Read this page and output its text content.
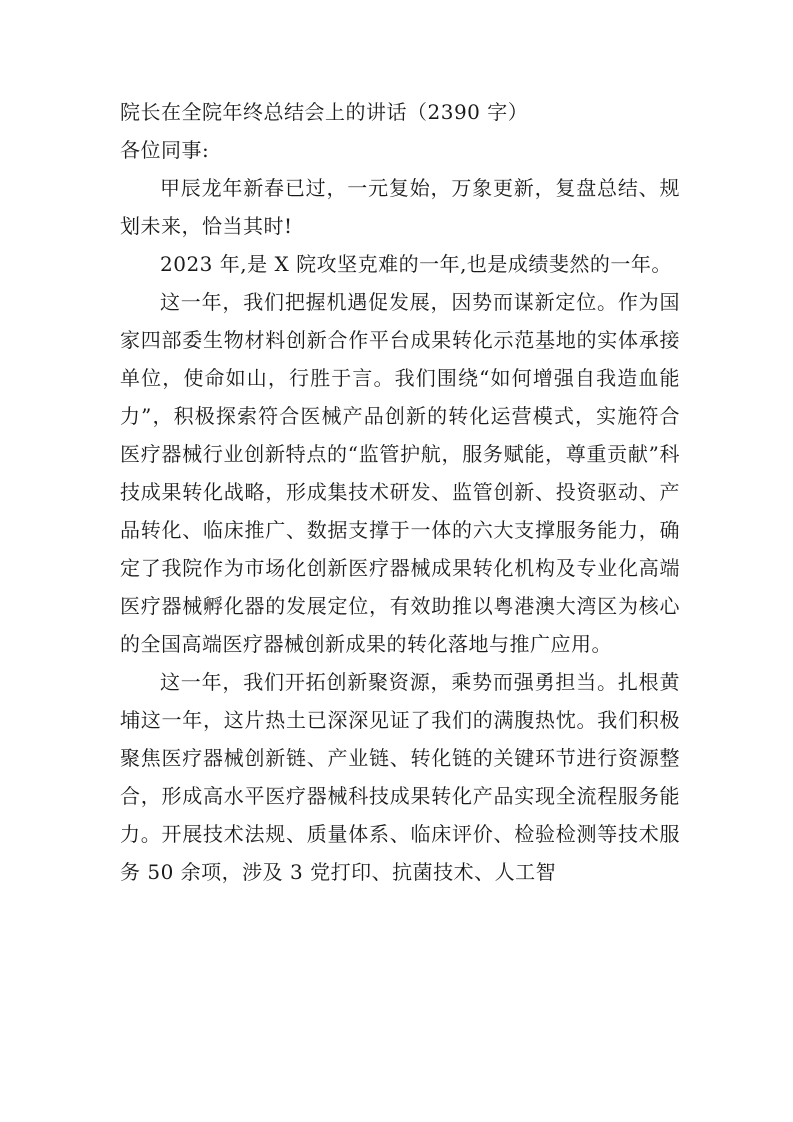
院长在全院年终总结会上的讲话（2390 字）

各位同事:

甲辰龙年新春已过，一元复始，万象更新，复盘总结、规划未来，恰当其时!

2023 年,是 X 院攻坚克难的一年,也是成绩斐然的一年。

这一年，我们把握机遇促发展，因势而谋新定位。作为国家四部委生物材料创新合作平台成果转化示范基地的实体承接单位，使命如山，行胜于言。我们围绕“如何增强自我造血能力”，积极探索符合医械产品创新的转化运营模式，实施符合医疗器械行业创新特点的“监管护航，服务赋能，尊重贡献”科技成果转化战略，形成集技术研发、监管创新、投资驱动、产品转化、临床推广、数据支撑于一体的六大支撑服务能力，确定了我院作为市场化创新医疗器械成果转化机构及专业化高端医疗器械孵化器的发展定位，有效助推以粤港澳大湾区为核心的全国高端医疗器械创新成果的转化落地与推广应用。

这一年，我们开拓创新聚资源，乘势而强勇担当。扎根黄埔这一年，这片热土已深深见证了我们的满腹热忱。我们积极聚焦医疗器械创新链、产业链、转化链的关键环节进行资源整合，形成高水平医疗器械科技成果转化产品实现全流程服务能力。开展技术法规、质量体系、临床评价、检验检测等技术服务 50 余项，涉及 3 党打印、抗菌技术、人工智
